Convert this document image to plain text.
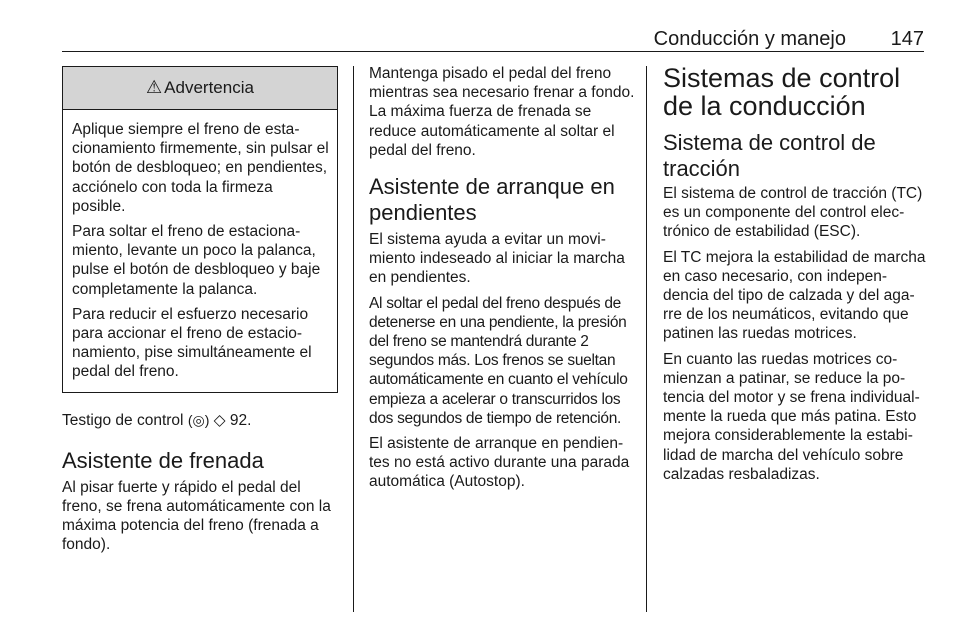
Conducción y manejo 147
⚠ Advertencia

Aplique siempre el freno de estacionamiento firmemente, sin pulsar el botón de desbloqueo; en pendientes, acciónelo con toda la firmeza posible.

Para soltar el freno de estacionamiento, levante un poco la palanca, pulse el botón de desbloqueo y baje completamente la palanca.

Para reducir el esfuerzo necesario para accionar el freno de estacionamiento, pise simultáneamente el pedal del freno.

Testigo de control (◎) ◇ 92.

Asistente de frenada

Al pisar fuerte y rápido el pedal del freno, se frena automáticamente con la máxima potencia del freno (frenada a fondo).

Mantenga pisado el pedal del freno mientras sea necesario frenar a fondo. La máxima fuerza de frenada se reduce automáticamente al soltar el pedal del freno.

Asistente de arranque en pendientes

El sistema ayuda a evitar un movimiento indeseado al iniciar la marcha en pendientes.

Al soltar el pedal del freno después de detenerse en una pendiente, la presión del freno se mantendrá durante 2 segundos más. Los frenos se sueltan automáticamente en cuanto el vehículo empieza a acelerar o transcurridos los dos segundos de tiempo de retención.

El asistente de arranque en pendientes no está activo durante una parada automática (Autostop).

Sistemas de control de la conducción
Sistema de control de tracción

El sistema de control de tracción (TC) es un componente del control electrónico de estabilidad (ESC).

El TC mejora la estabilidad de marcha en caso necesario, con independencia del tipo de calzada y del agarre de los neumáticos, evitando que patinen las ruedas motrices.

En cuanto las ruedas motrices comienzan a patinar, se reduce la potencia del motor y se frena individualmente la rueda que más patina. Esto mejora considerablemente la estabilidad de marcha del vehículo sobre calzadas resbaladizas.
